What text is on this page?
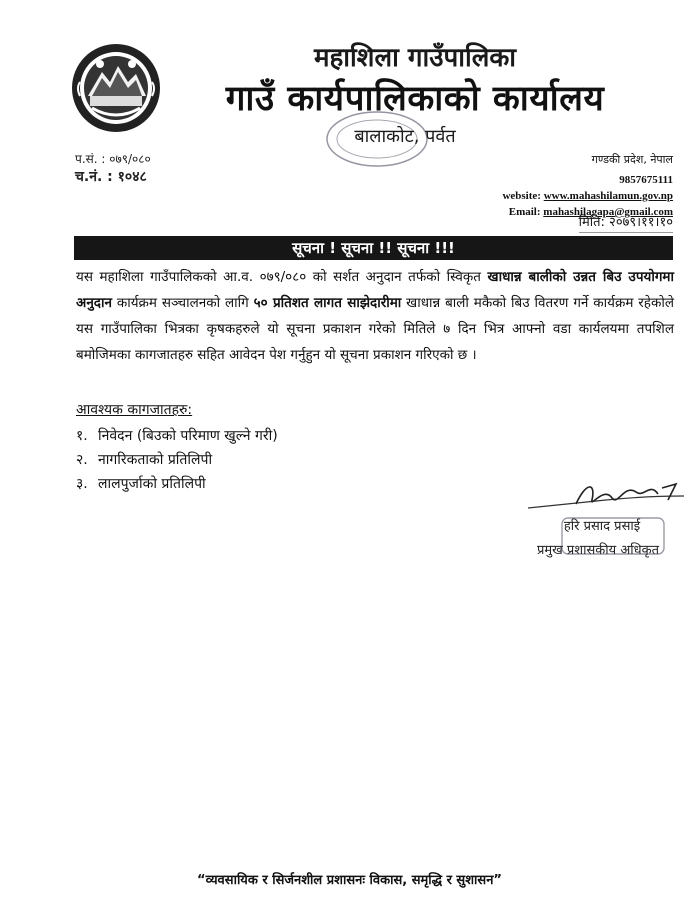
महाशिला गाउँपालिका
गाउँ कार्यपालिकाको कार्यालय
बालाकोट, पर्वत
प.सं. : ०७९/०८०
च.नं. : १०४८
गण्डकी प्रदेश, नेपाल
9857675111
website: www.mahashilamun.gov.np
Email: mahashilagapa@gmail.com
मिति: २०७९।११।१०
सूचना ! सूचना !! सूचना !!!
यस महाशिला गाउँपालिकको आ.व. ०७९/०८० को सर्शत अनुदान तर्फको स्विकृत खाधान्न बालीको उन्नत बिउ उपयोगमा अनुदान कार्यक्रम सञ्चालनको लागि ५० प्रतिशत लागत साझेदारीमा खाधान्न बाली मकैको बिउ वितरण गर्ने कार्यक्रम रहेकोले यस गाउँपालिका भित्रका कृषकहरुले यो सूचना प्रकाशन गरेको मितिले ७ दिन भित्र आफ्नो वडा कार्यलयमा तपशिल बमोजिमका कागजातहरु सहित आवेदन पेश गर्नुहुन यो सूचना प्रकाशन गरिएको छ ।
आवश्यक कागजातहरु:
१. निवेदन (बिउको परिमाण खुल्ने गरी)
२. नागरिकताको प्रतिलिपी
३. लालपुर्जाको प्रतिलिपी
हरि प्रसाद प्रसाई
प्रमुख प्रशासकीय अधिकृत
“व्यवसायिक र सिर्जनशील प्रशासनः विकास, समृद्धि र सुशासन”
